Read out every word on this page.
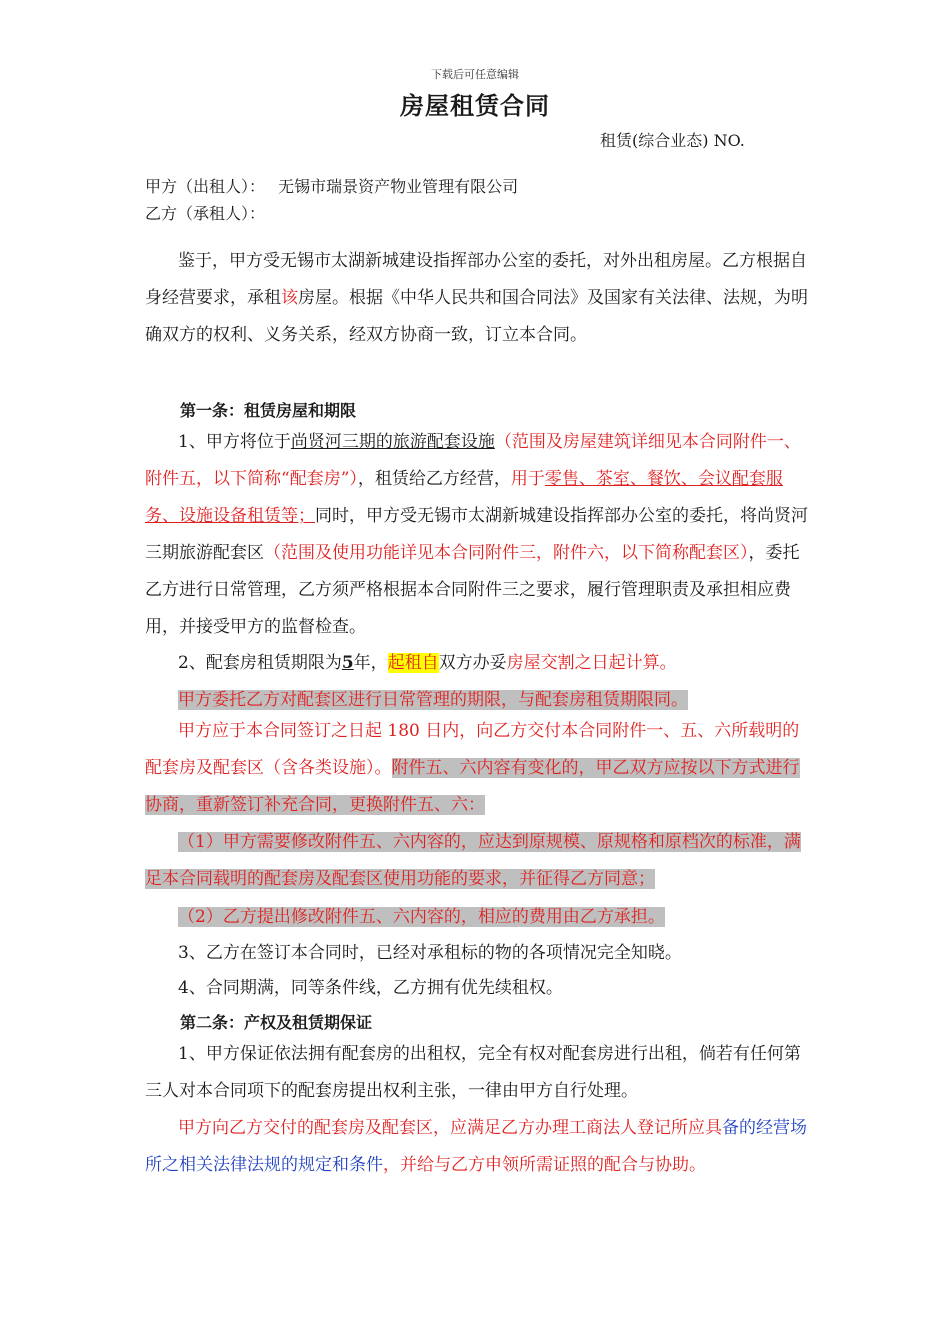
下载后可任意编辑
房屋租赁合同
租赁(综合业态) NO.
甲方（出租人）： 无锡市瑞景资产物业管理有限公司
乙方（承租人）：
鉴于，甲方受无锡市太湖新城建设指挥部办公室的委托，对外出租房屋。乙方根据自身经营要求，承租该房屋。根据《中华人民共和国合同法》及国家有关法律、法规，为明确双方的权利、义务关系，经双方协商一致，订立本合同。
第一条：租赁房屋和期限
1、甲方将位于尚贤河三期的旅游配套设施（范围及房屋建筑详细见本合同附件一、附件五，以下简称“配套房”），租赁给乙方经营，用于零售、茶室、餐饮、会议配套服务、设施设备租赁等；同时，甲方受无锡市太湖新城建设指挥部办公室的委托，将尚贤河三期旅游配套区（范围及使用功能详见本合同附件三，附件六，以下简称配套区），委托乙方进行日常管理，乙方须严格根据本合同附件三之要求，履行管理职责及承担相应费用，并接受甲方的监督检查。
2、配套房租赁期限为5年，起租自双方办妥房屋交割之日起计算。
甲方委托乙方对配套区进行日常管理的期限，与配套房租赁期限同。
甲方应于本合同签订之日起 180 日内，向乙方交付本合同附件一、五、六所载明的配套房及配套区（含各类设施）。附件五、六内容有变化的，甲乙双方应按以下方式进行协商，重新签订补充合同，更换附件五、六：
（1）甲方需要修改附件五、六内容的，应达到原规模、原规格和原档次的标准，满足本合同载明的配套房及配套区使用功能的要求，并征得乙方同意；
（2）乙方提出修改附件五、六内容的，相应的费用由乙方承担。
3、乙方在签订本合同时，已经对承租标的物的各项情况完全知晓。
4、合同期满，同等条件线，乙方拥有优先续租权。
第二条：产权及租赁期保证
1、甲方保证依法拥有配套房的出租权，完全有权对配套房进行出租，倘若有任何第三人对本合同项下的配套房提出权利主张，一律由甲方自行处理。
甲方向乙方交付的配套房及配套区，应满足乙方办理工商法人登记所应具备的经营场所之相关法律法规的规定和条件，并给与乙方申领所需证照的配合与协助。
